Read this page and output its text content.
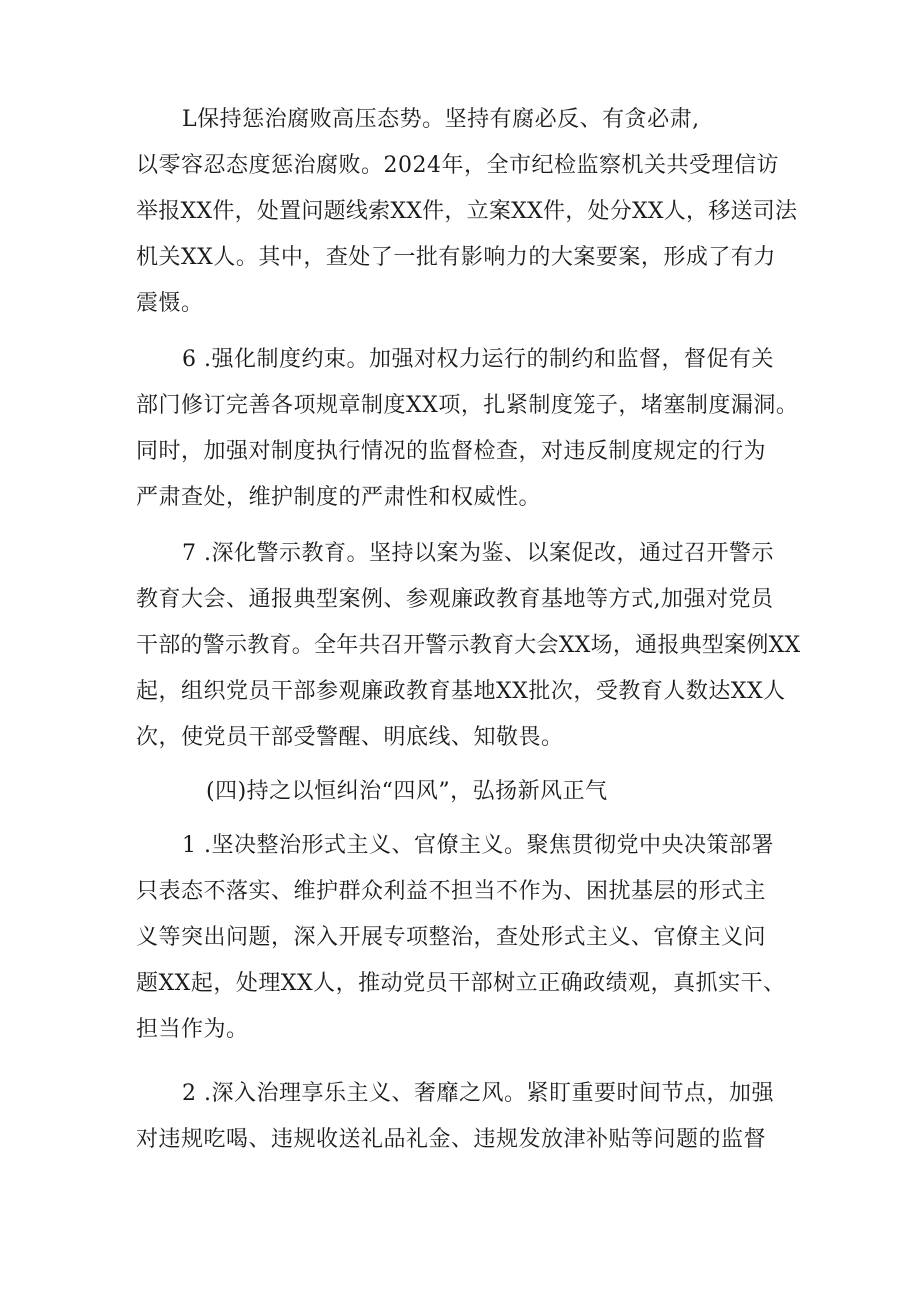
L保持惩治腐败高压态势。坚持有腐必反、有贪必肃,
以零容忍态度惩治腐败。2024年，全市纪检监察机关共受理信访
举报XX件，处置问题线索XX件，立案XX件，处分XX人，移送司法
机关XX人。其中，查处了一批有影响力的大案要案，形成了有力
震慑。
6 .强化制度约束。加强对权力运行的制约和监督，督促有关
部门修订完善各项规章制度XX项，扎紧制度笼子，堵塞制度漏洞。
同时，加强对制度执行情况的监督检查，对违反制度规定的行为
严肃查处，维护制度的严肃性和权威性。
7 .深化警示教育。坚持以案为鉴、以案促改，通过召开警示
教育大会、通报典型案例、参观廉政教育基地等方式,加强对党员
干部的警示教育。全年共召开警示教育大会XX场，通报典型案例XX
起，组织党员干部参观廉政教育基地XX批次，受教育人数达XX人
次，使党员干部受警醒、明底线、知敬畏。
(四)持之以恒纠治“四风”，弘扬新风正气
1 .坚决整治形式主义、官僚主义。聚焦贯彻党中央决策部署
只表态不落实、维护群众利益不担当不作为、困扰基层的形式主
义等突出问题，深入开展专项整治，查处形式主义、官僚主义问
题XX起，处理XX人，推动党员干部树立正确政绩观，真抓实干、
担当作为。
2 .深入治理享乐主义、奢靡之风。紧盯重要时间节点，加强
对违规吃喝、违规收送礼品礼金、违规发放津补贴等问题的监督
